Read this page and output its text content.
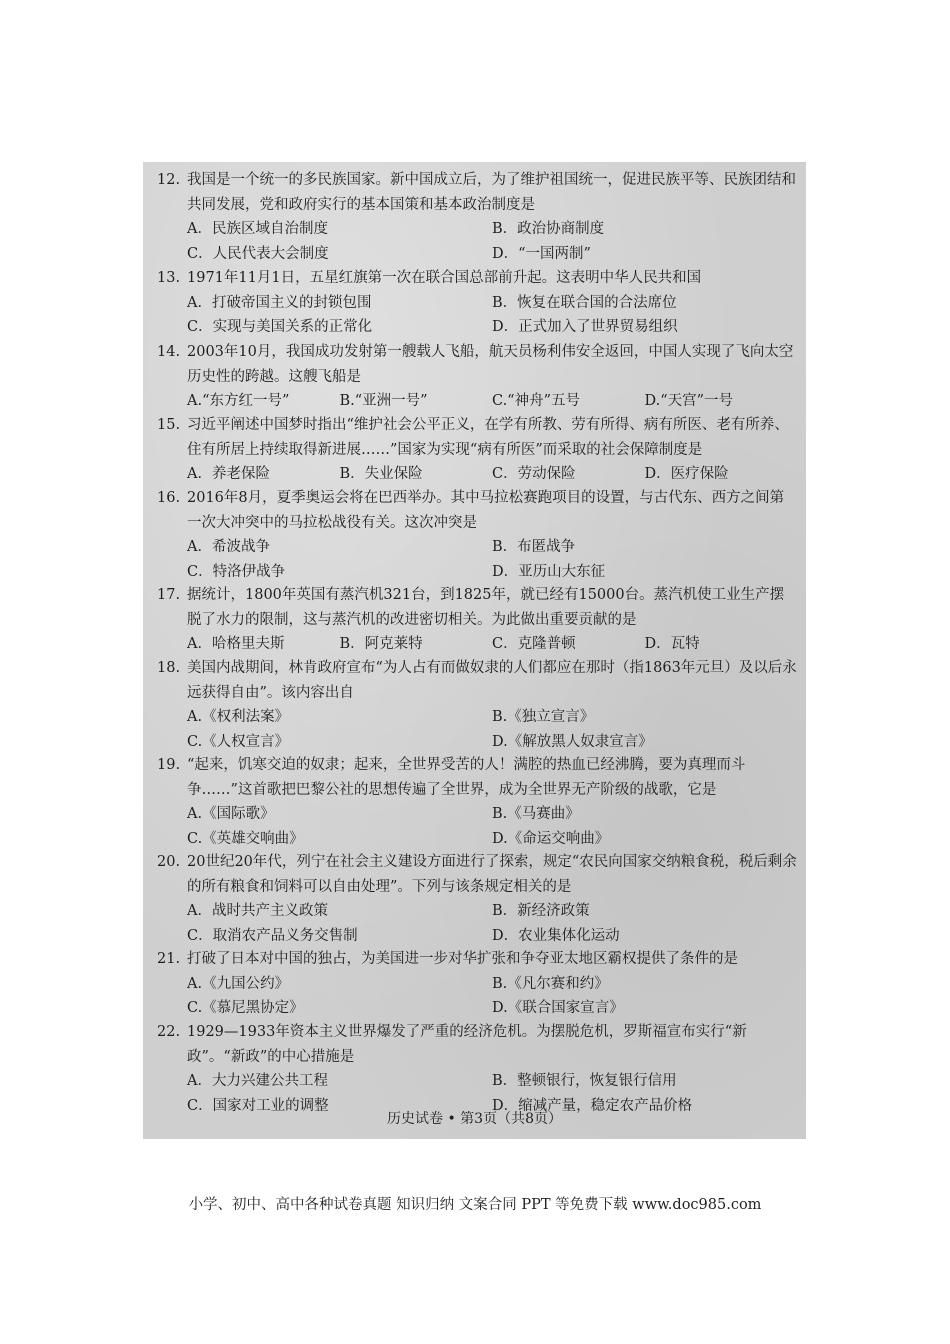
12. 我国是一个统一的多民族国家。新中国成立后，为了维护祖国统一，促进民族平等、民族团结和共同发展，党和政府实行的基本国策和基本政治制度是
A．民族区域自治制度	B．政治协商制度
C．人民代表大会制度	D．“一国两制”
13. 1971年11月1日，五星红旗第一次在联合国总部前升起。这表明中华人民共和国
A．打破帝国主义的封锁包围	B．恢复在联合国的合法席位
C．实现与美国关系的正常化	D．正式加入了世界贸易组织
14. 2003年10月，我国成功发射第一艘载人飞船，航天员杨利伟安全返回，中国人实现了飞向太空历史性的跨越。这艘飞船是
A.“东方红一号”	B.“亚洲一号”	C.“神舟”五号	D.“天宫”一号
15. 习近平阐述中国梦时指出“维护社会公平正义，在学有所教、劳有所得、病有所医、老有所养、住有所居上持续取得新进展……”国家为实现“病有所医”而采取的社会保障制度是
A．养老保险	B．失业保险	C．劳动保险	D．医疗保险
16. 2016年8月，夏季奥运会将在巴西举办。其中马拉松赛跑项目的设置，与古代东、西方之间第一次大冲突中的马拉松战役有关。这次冲突是
A．希波战争	B．布匿战争
C．特洛伊战争	D．亚历山大东征
17. 据统计，1800年英国有蒸汽机321台，到1825年，就已经有15000台。蒸汽机使工业生产摆脱了水力的限制，这与蒸汽机的改进密切相关。为此做出重要贡献的是
A．哈格里夫斯	B．阿克莱特	C．克隆普顿	D．瓦特
18. 美国内战期间，林肯政府宣布“为人占有而做奴隶的人们都应在那时（指1863年元旦）及以后永远获得自由”。该内容出自
A.《权利法案》	B.《独立宣言》
C.《人权宣言》	D.《解放黑人奴隶宣言》
19. “起来，饥寒交迫的奴隶；起来，全世界受苦的人！满腔的热血已经沸腾，要为真理而斗争……”这首歌把巴黎公社的思想传遍了全世界，成为全世界无产阶级的战歌，它是
A.《国际歌》	B.《马赛曲》
C.《英雄交响曲》	D.《命运交响曲》
20. 20世纪20年代，列宁在社会主义建设方面进行了探索，规定“农民向国家交纳粮食税，税后剩余的所有粮食和饲料可以自由处理”。下列与该条规定相关的是
A．战时共产主义政策	B．新经济政策
C．取消农产品义务交售制	D．农业集体化运动
21. 打破了日本对中国的独占，为美国进一步对华扩张和争夺亚太地区霸权提供了条件的是
A.《九国公约》	B.《凡尔赛和约》
C.《慕尼黑协定》	D.《联合国家宣言》
22. 1929—1933年资本主义世界爆发了严重的经济危机。为摆脱危机，罗斯福宣布实行“新政”。“新政”的中心措施是
A．大力兴建公共工程	B．整顿银行，恢复银行信用
C．国家对工业的调整	D．缩减产量，稳定农产品价格
历史试卷 • 第3页（共8页）
小学、初中、高中各种试卷真题 知识归纳 文案合同 PPT 等免费下载 www.doc985.com
